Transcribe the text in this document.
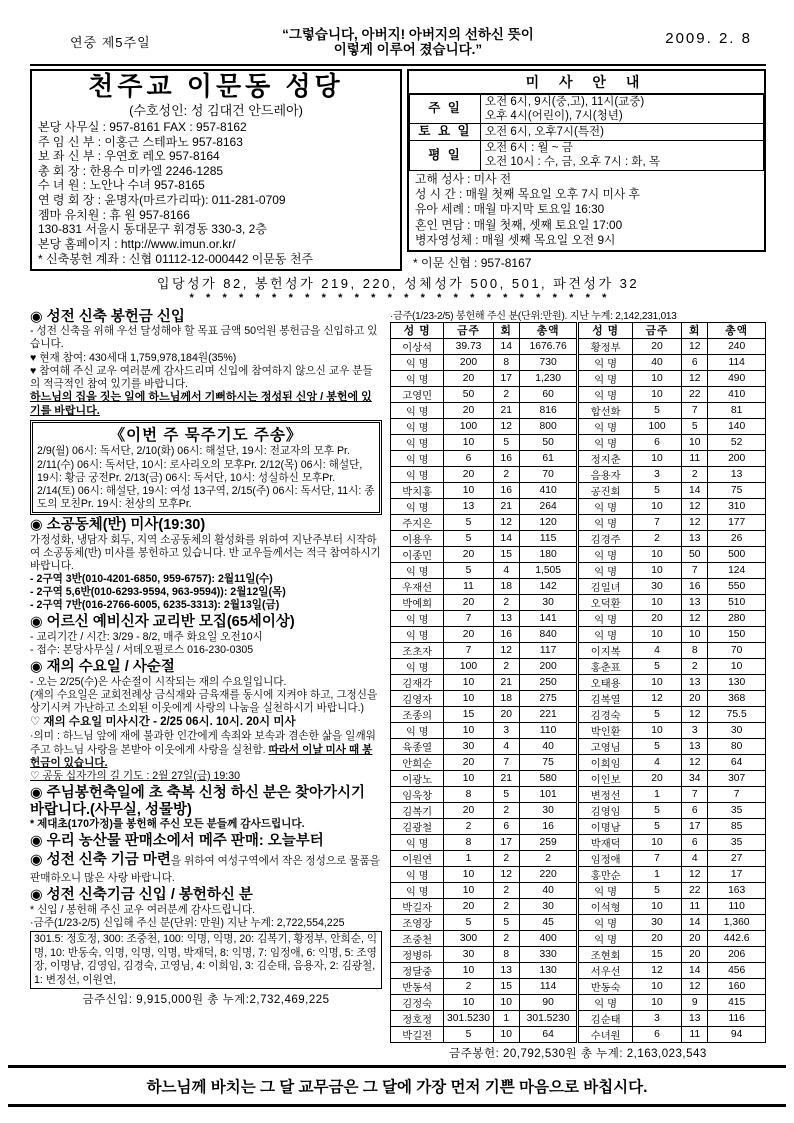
연중 제5주일
“그렇습니다, 아버지! 아버지의 선하신 뜻이
이렇게 이루어 졌습니다.”
2009. 2. 8
천주교 이문동 성당
(수호성인: 성 김대건 안드레아)
본당 사무실 : 957-8161 FAX : 957-8162
주 임 신 부 : 이홍근 스테파노 957-8163
보 좌 신 부 : 우연호 레오 957-8164
총 회 장 : 한용수 미카엘 2246-1285
수 녀 원 : 노안나 수녀 957-8165
연 령 회 장 : 윤명자(마르가리따): 011-281-0709
젬마 유치원 : 휴 원 957-8166
130-831 서울시 동대문구 휘경동 330-3, 2층
본당 홈페이지 : http://www.imun.or.kr/
* 신축봉헌 계좌 : 신협 01112-12-000442 이문동 천주
미 사 안 내
주 일	오전 6시, 9시(중,고), 11시(교중)
오후 4시(어린이), 7시(청년)

토 요 일	오전 6시, 오후7시(특전)
평 일	오전 6시 : 월 ~ 금
오전 10시 : 수, 금, 오후 7시 : 화, 목
고해 성사 : 미사 전
성 시 간 : 매월 첫째 목요일 오후 7시 미사 후
유아 세례 : 매월 마지막 토요일 16:30
혼인 면담 : 매월 첫째, 셋째 토요일 17:00
병자영성체 : 매월 셋째 목요일 오전 9시
* 이문 신협 : 957-8167
입당성가 82, 봉헌성가 219, 220, 성체성가 500, 501, 파견성가 32
*    *    *    *    *    *    *    *    *    *    *    *    *    *    *    *    *    *    *    *    *    *    *    *    *    *
◉ 성전 신축 봉헌금 신입
- 성전 신축을 위해 우선 달성해야 할 목표 금액 50억원 봉헌금을 신입하고 있습니다.
♥ 현재 참여: 430세대 1,759,978,184원(35%)
♥ 참여해 주신 교우 여러분께 감사드리며 신입에 참여하지 않으신 교우 분들의 적극적인 참여 있기를 바랍니다.
하느님의 집을 짓는 일에 하느님께서 기뻐하시는 정성된 신앙 / 봉헌에 있기를 바랍니다.
《이번 주 묵주기도 주송》
2/9(월) 06시: 독서단, 2/10(화) 06시: 해설단, 19시: 전교자의 모후 Pr. 2/11(수) 06시: 독서단, 10시: 로사리오의 모후Pr. 2/12(목) 06시: 해설단, 19시: 황금 궁전Pr. 2/13(금) 06시: 독서단, 10시: 성실하신 모후Pr. 2/14(토) 06시: 해설단, 19시: 여성 13구역, 2/15(주) 06시: 독서단, 11시: 종도의 모친Pr. 19시: 천상의 모후Pr.
◉ 소공동체(반) 미사(19:30)
가정성화, 냉담자 회두, 지역 소공동체의 활성화를 위하여 지난주부터 시작하여 소공동체(반) 미사를 봉헌하고 있습니다. 반 교우들께서는 적극 참여하시기 바랍니다.
- 2구역 3반(010-4201-6850, 959-6757): 2월11일(수)
- 2구역 5,6반(010-6293-9594, 963-9594)): 2월12일(목)
- 2구역 7반(016-2766-6005, 6235-3313): 2월13일(금)
◉ 어르신 예비신자 교리반 모집(65세이상)
- 교리기간 / 시간: 3/29 - 8/2, 매주 화요일 오전10시
- 접수: 본당사무실 / 서데오필로스 016-230-0305
◉ 재의 수요일 / 사순절
- 오는 2/25(수)은 사순절이 시작되는 재의 수요일입니다.
(재의 수요일은 교회전례상 금식재와 금육재를 동시에 지켜야 하고, 그정신을 상기시켜 가난하고 소외된 이웃에게 사랑의 나눔을 실천하시기 바랍니다.)
♡ 재의 수요일 미사시간 - 2/25 06시. 10시. 20시 미사
·의미 : 하느님 앞에 재에 불과한 인간에게 속죄와 보속과 겸손한 삶을 일깨워 주고 하느님 사랑을 본받아 이웃에게 사랑을 실천함. 따라서 이날 미사 때 봉헌금이 있습니다.
♡ 공동 십자가의 길 기도 : 2월 27일(금) 19:30
◉ 주님봉헌축일에 초 축복 신청 하신 분은 찾아가시기 바랍니다.(사무실, 성물방)
* 제대초(170가정)를 봉헌해 주신 모든 분들께 감사드립니다.
◉ 우리 농산물 판매소에서 메주 판매: 오늘부터
◉ 성전 신축 기금 마련을 위하여 여성구역에서 작은 정성으로 물품을 판매하오니 많은 사랑 바랍니다.
◉ 성전 신축기금 신입 / 봉헌하신 분
* 신입 / 봉헌해 주신 교우 여러분께 감사드립니다.
·금주(1/23-2/5) 신입해 주신 분(단위: 만원) 지난 누계: 2,722,554,225
301.5: 정호정, 300: 조중천, 100: 익명, 익명, 20: 김복기, 황정부, 안희순, 익명, 10: 반동숙, 익명, 익명, 익명, 박재덕, 8: 익명, 7: 임정애, 6: 익명, 5: 조영장, 이명남, 김영임, 김경숙, 고영님, 4: 이희임, 3: 김순태, 음용자, 2: 김광철, 1: 변정선, 이원연,
금주신입: 9,915,000원 총 누계:2,732,469,225
·금주(1/23-2/5) 봉헌해 주신 분(단위:만원). 지난 누계: 2,142,231,013
성 명	금주	회	총액	성 명	금주	회	총액
이상석	39.73	14	1676.76	황정부	20	12	240
익 명	200	8	730	익 명	40	6	114
익 명	20	17	1,230	익 명	10	12	490
고영민	50	2	60	익 명	10	22	410
익 명	20	21	816	합선화	5	7	81
익 명	100	12	800	익 명	100	5	140
익 명	10	5	50	익 명	6	10	52
익 명	6	16	61	정지춘	10	11	200
익 명	20	2	70	음용자	3	2	13
박치홍	10	16	410	공진회	5	14	75
익 명	13	21	264	익 명	10	12	310
주지은	5	12	120	익 명	7	12	177
이용우	5	14	115	김경주	2	13	26
이종민	20	15	180	익 명	10	50	500
익 명	5	4	1,505	익 명	10	7	124
우재선	11	18	142	김일녀	30	16	550
박예회	20	2	30	오덕환	10	13	510
익 명	7	13	141	익 명	20	12	280
익 명	20	16	840	익 명	10	10	150
조초자	7	12	117	이지복	4	8	70
익 명	100	2	200	홍춘표	5	2	10
김재각	10	21	250	오태용	10	13	130
김영자	10	18	275	김복열	12	20	368
조종의	15	20	221	김경숙	5	12	75.5
익 명	10	3	110	박인환	10	3	30
육종열	30	4	40	고영님	5	13	80
안희순	20	7	75	이희임	4	12	64
이광노	10	21	580	이인보	20	34	307
임욱창	8	5	101	변정선	1	7	7
김복기	20	2	30	김영임	5	6	35
김광철	2	6	16	이명남	5	17	85
익 명	8	17	259	박재덕	10	6	35
이원연	1	2	2	임정애	7	4	27
익 명	10	12	220	홍만순	1	12	17
익 명	10	2	40	익 명	5	22	163
박길자	20	2	30	이석형	10	11	110
조영장	5	5	45	익 명	30	14	1,360
조중천	300	2	400	익 명	20	20	442.6
정병하	30	8	330	조현회	15	20	206
정달중	10	13	130	서우선	12	14	456
반동석	2	15	114	반동숙	10	12	160
김정숙	10	10	90	익 명	10	9	415
정호정	301.5230	1	301.5230	김순태	3	13	116
박길전	5	10	64	수녀원	6	11	94
금주봉헌: 20,792,530원 총 누계: 2,163,023,543
하느님께 바치는 그 달 교무금은 그 달에 가장 먼저 기쁜 마음으로 바칩시다.
